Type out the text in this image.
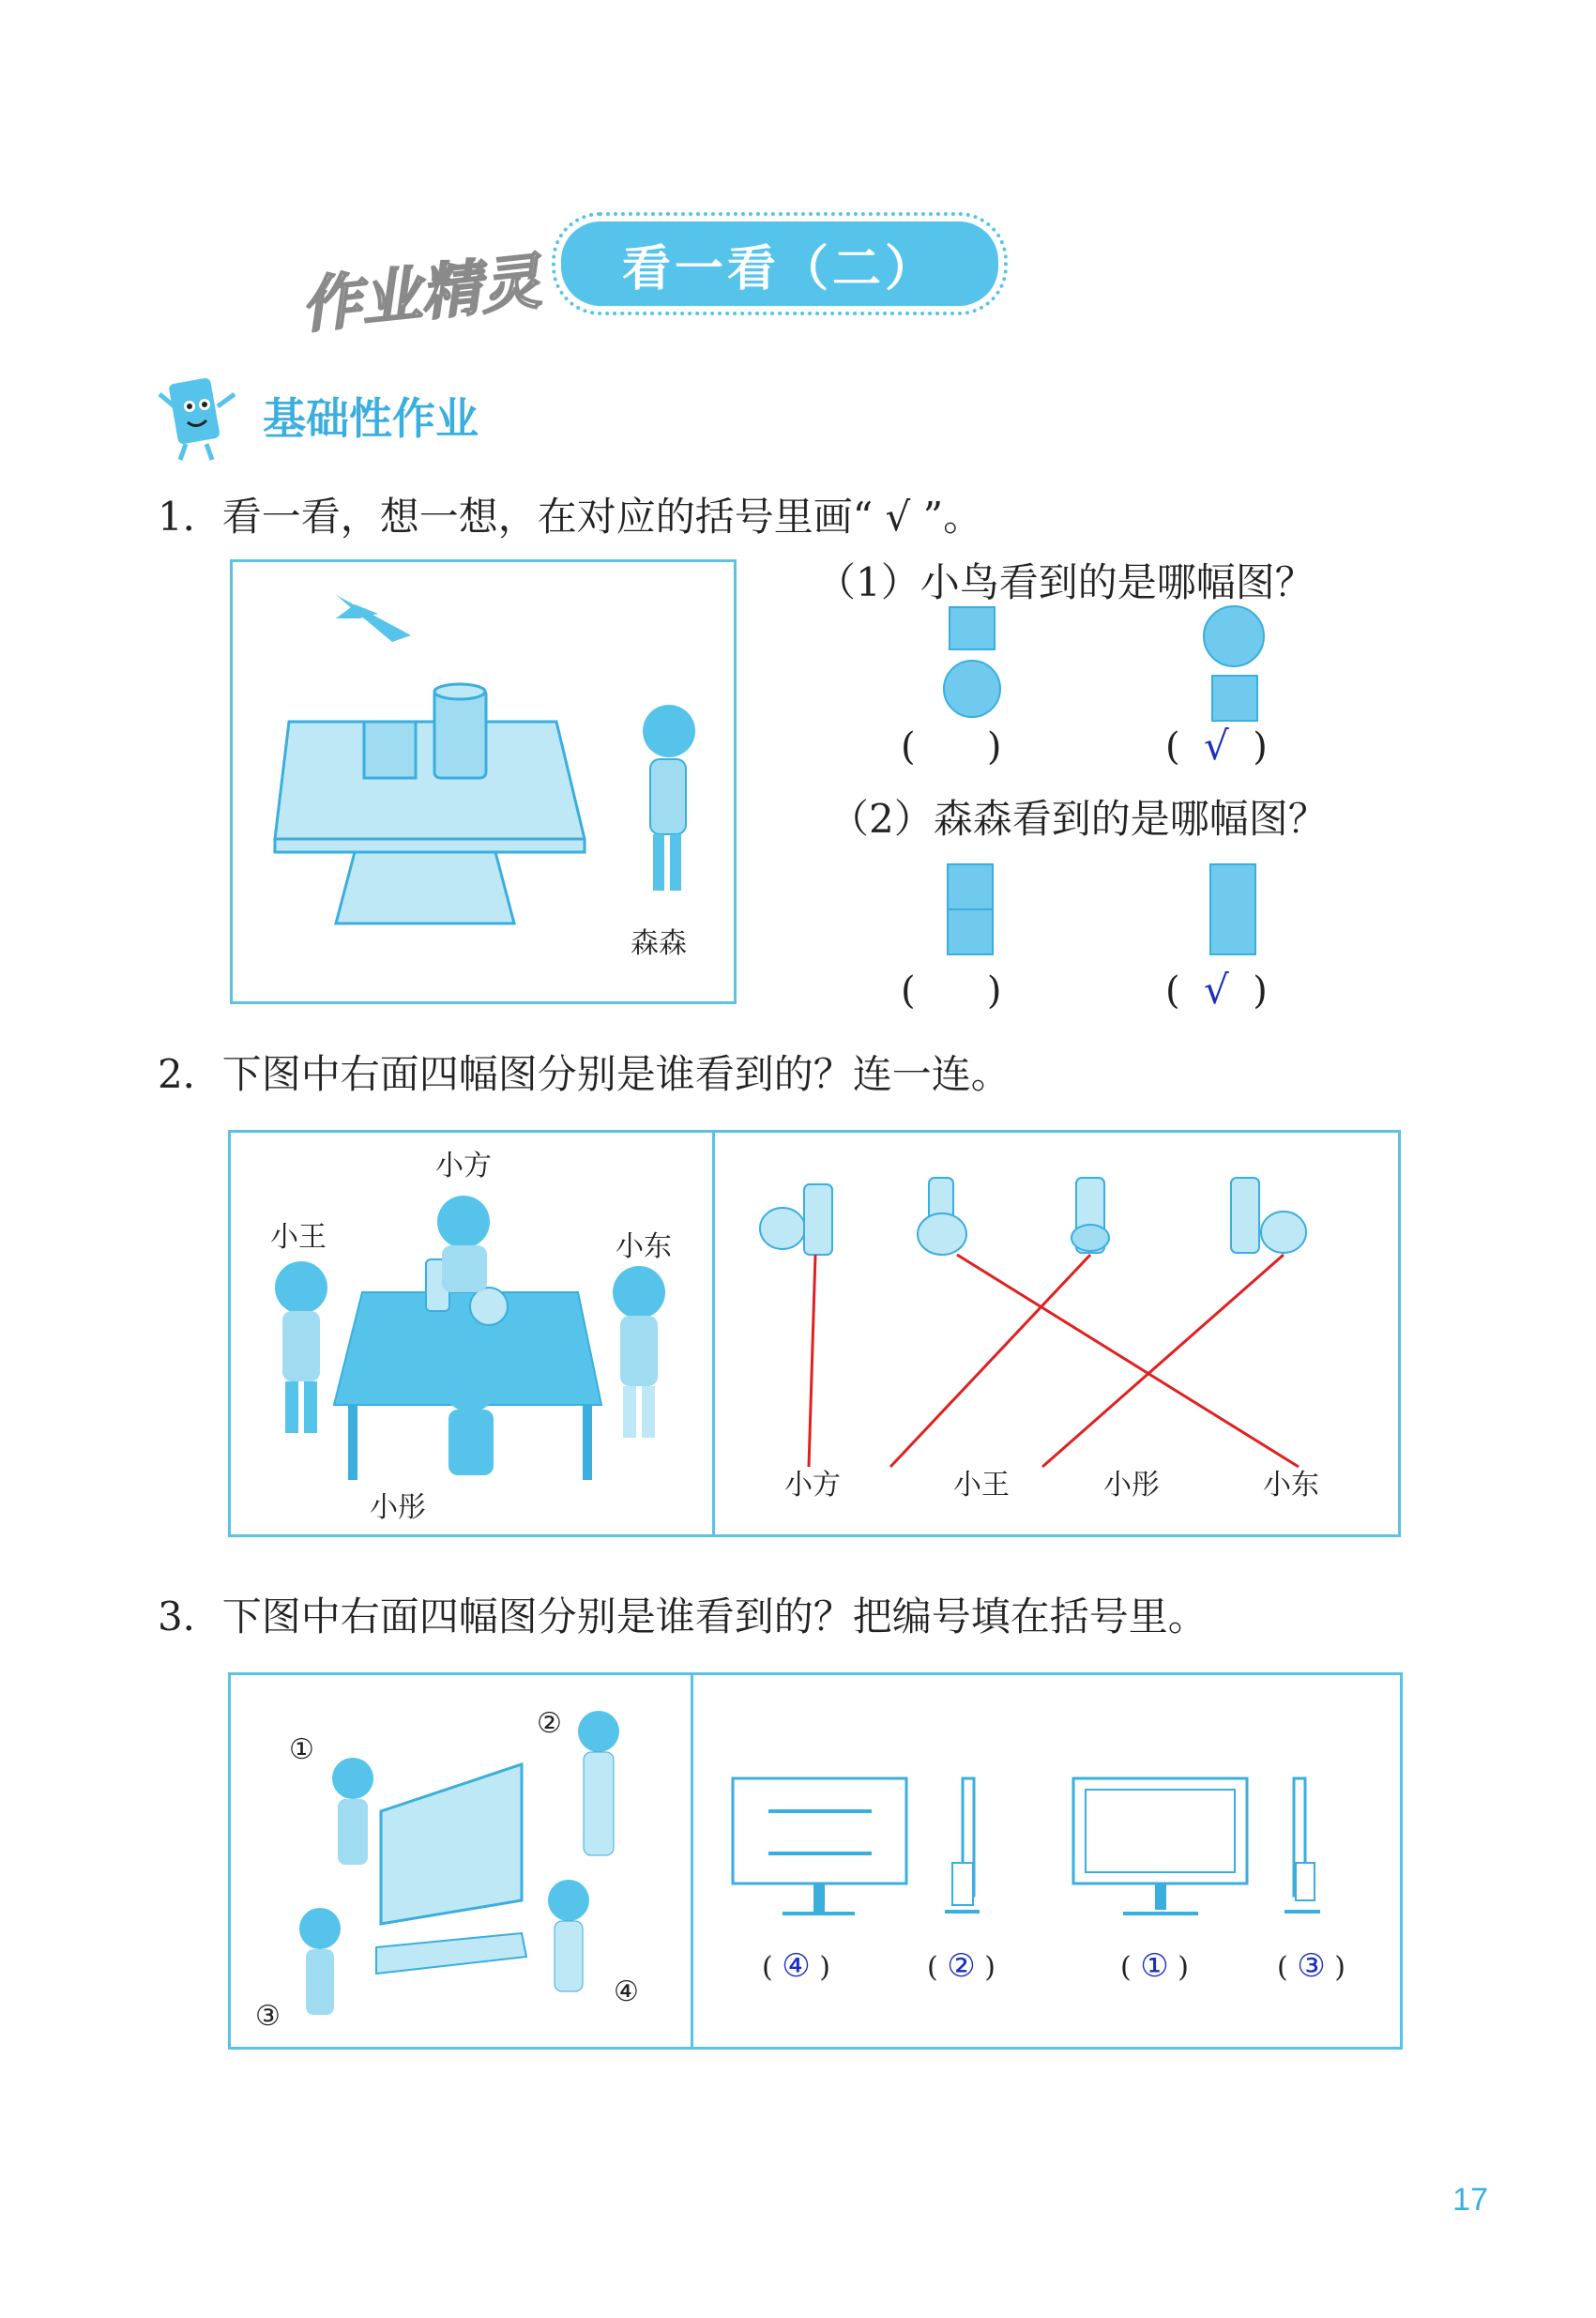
作业精灵	看一看（二）
基础性作业
1．看一看，想一想，在对应的括号里画“ √ ”。
森森
（1）小鸟看到的是哪幅图？
(      )	(  √  )
（2）森森看到的是哪幅图？
(      )	(  √  )
2．下图中右面四幅图分别是谁看到的？连一连。
小方
小王	小东
小彤
小方	小王	小彤	小东
3．下图中右面四幅图分别是谁看到的？把编号填在括号里。
①
②
③
④
( ④ )	( ② )	( ① )	( ③ )
17
